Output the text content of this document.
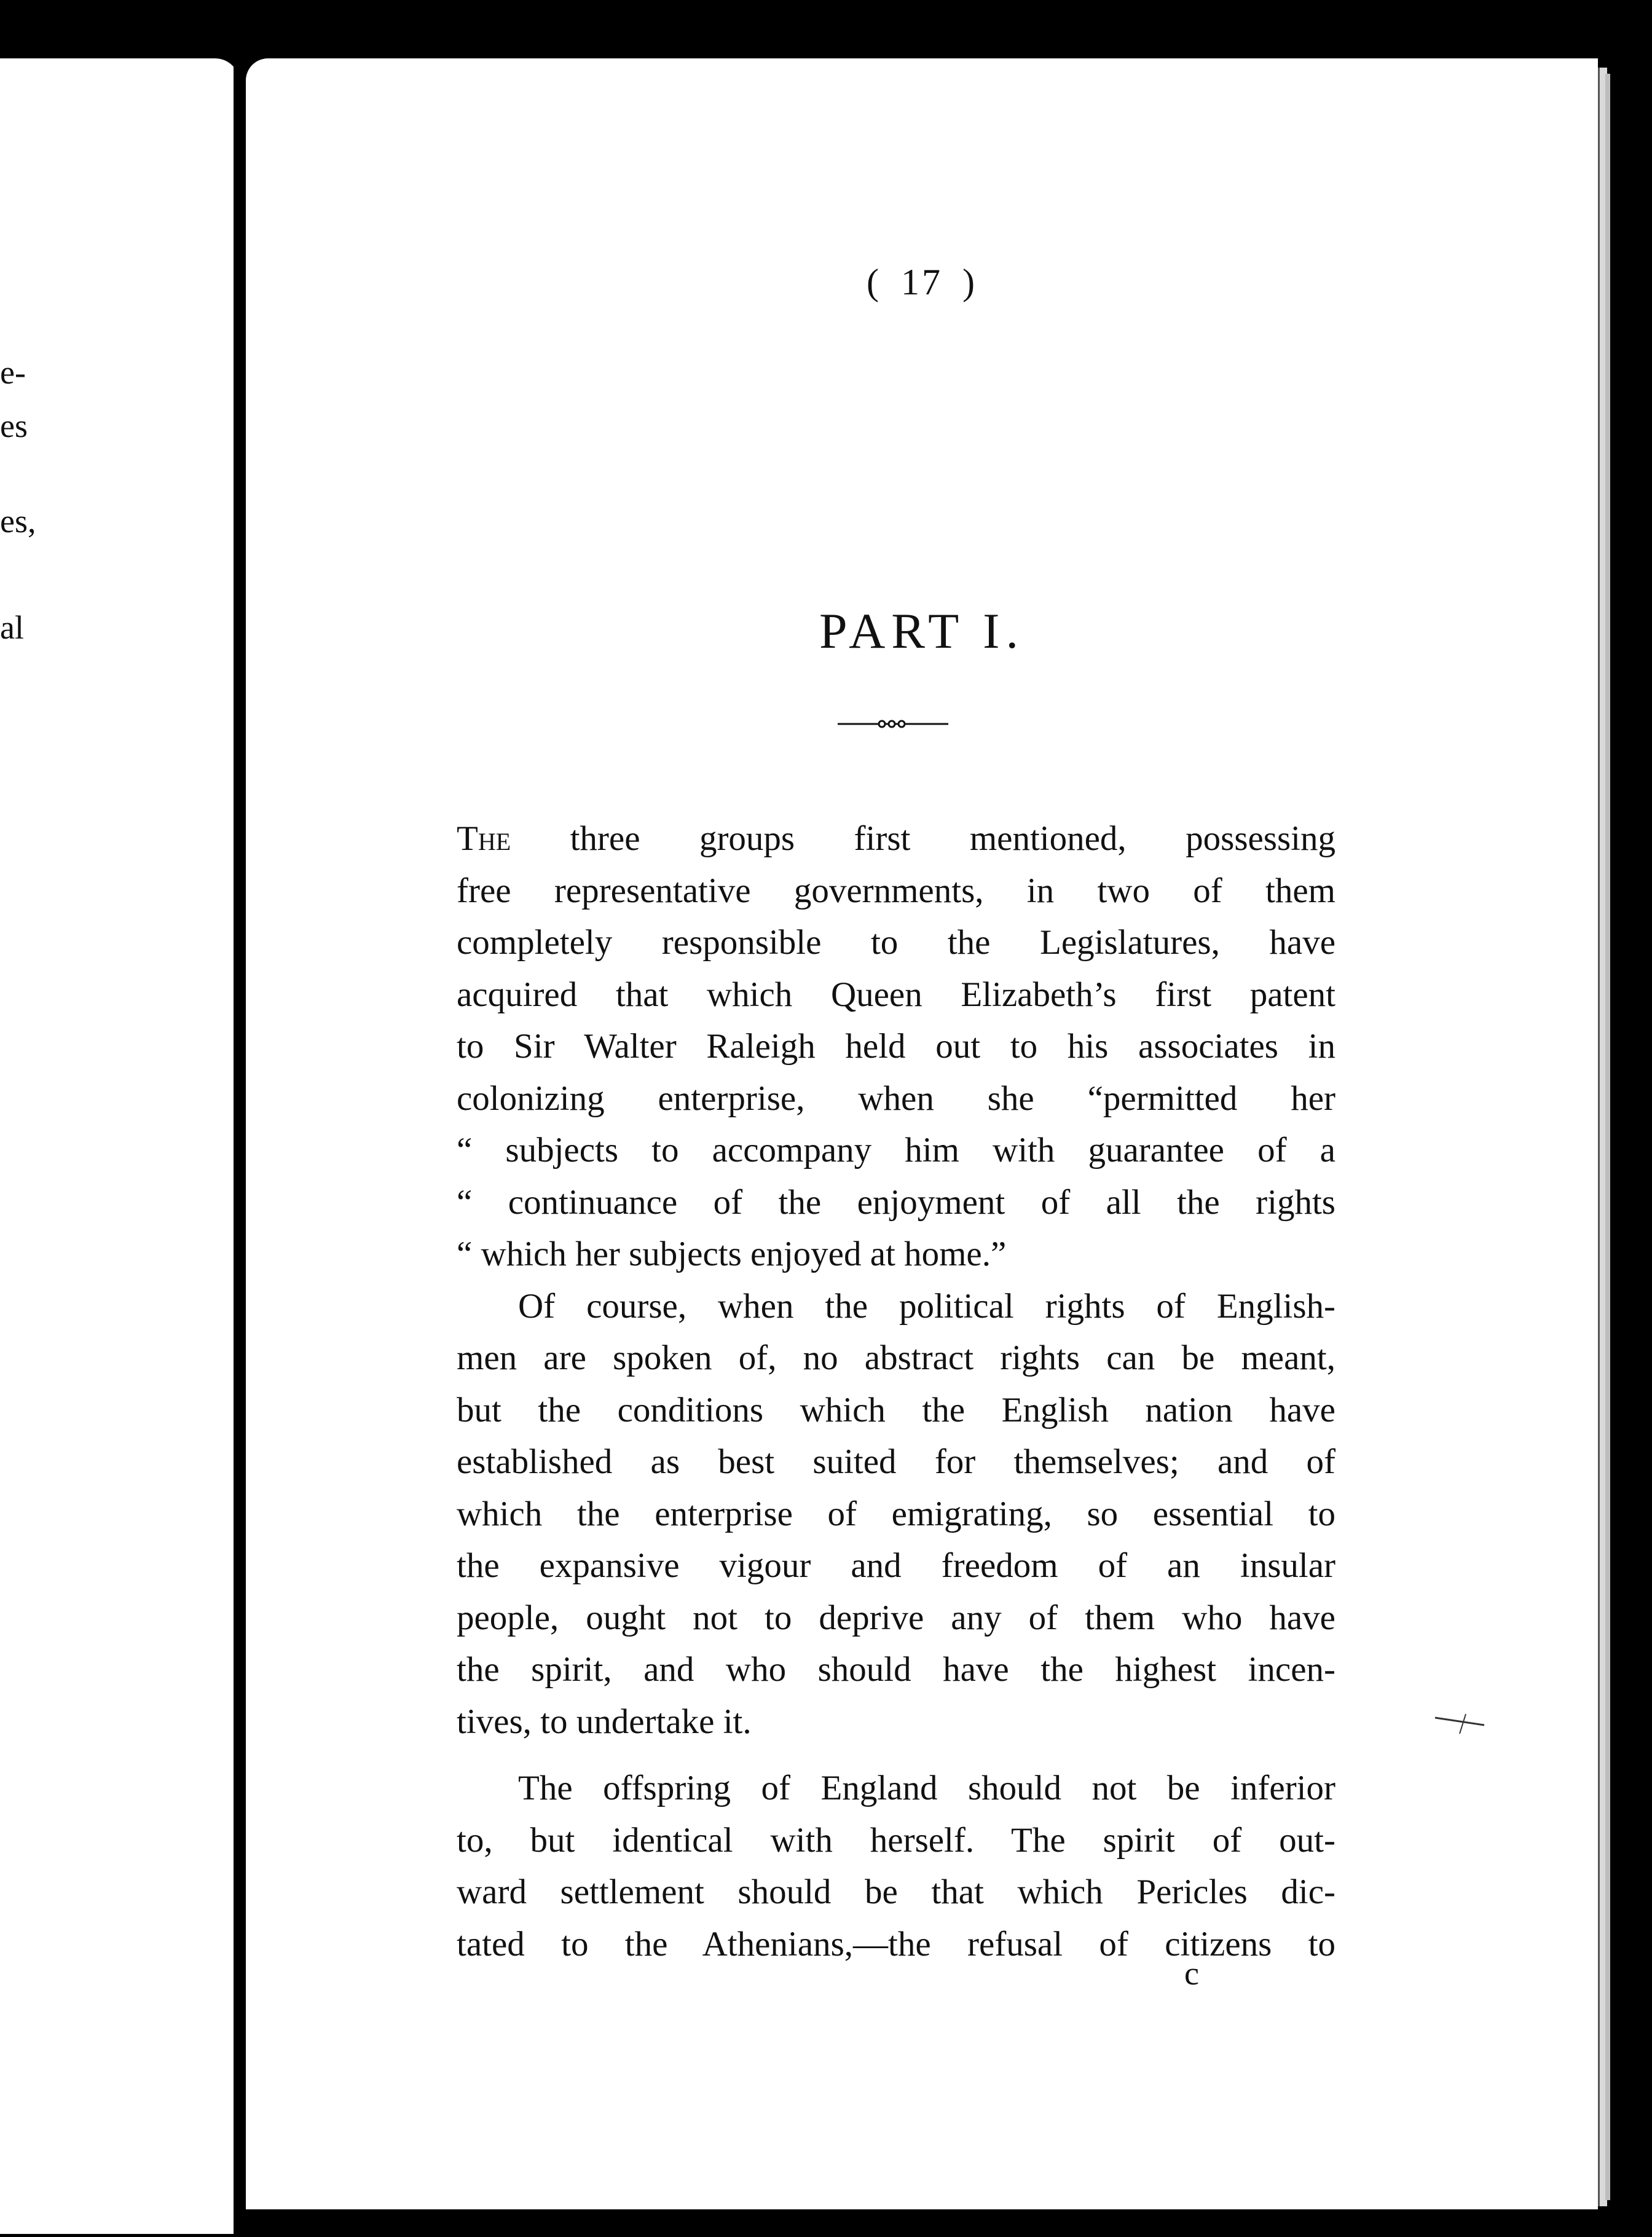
e-
es
es,
al
( 17 )
PART I.
The three groups first mentioned, possessing
free representative governments, in two of them
completely responsible to the Legislatures, have
acquired that which Queen Elizabeth’s first patent
to Sir Walter Raleigh held out to his associates in
colonizing enterprise, when she “permitted her
“ subjects to accompany him with guarantee of a
“ continuance of the enjoyment of all the rights
“ which her subjects enjoyed at home.”
Of course, when the political rights of English-
men are spoken of, no abstract rights can be meant,
but the conditions which the English nation have
established as best suited for themselves; and of
which the enterprise of emigrating, so essential to
the expansive vigour and freedom of an insular
people, ought not to deprive any of them who have
the spirit, and who should have the highest incen-
tives, to undertake it.
The offspring of England should not be inferior
to, but identical with herself. The spirit of out-
ward settlement should be that which Pericles dic-
tated to the Athenians,—the refusal of citizens to
c
